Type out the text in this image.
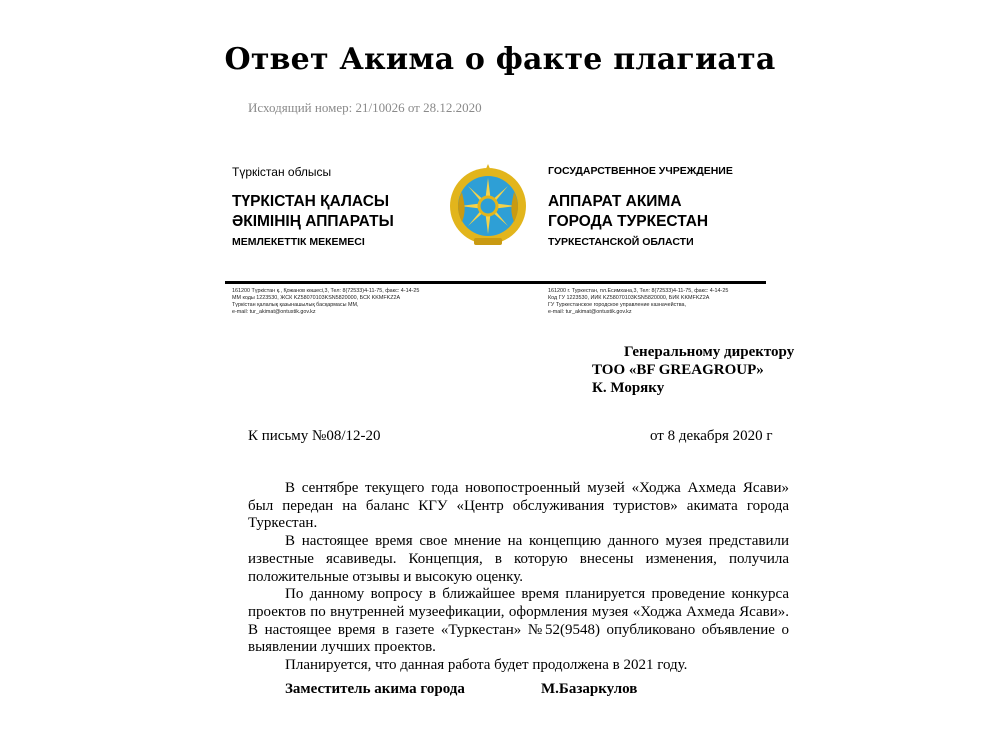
Ответ Акима о факте плагиата
Исходящий номер: 21/10026 от 28.12.2020
Түркістан облысы
ТҮРКІСТАН ҚАЛАСЫ
ӘКІМІНІҢ АППАРАТЫ
МЕМЛЕКЕТТІК МЕКЕМЕСІ
ГОСУДАРСТВЕННОЕ УЧРЕЖДЕНИЕ
АППАРАТ АКИМА
ГОРОДА ТУРКЕСТАН
ТУРКЕСТАНСКОЙ ОБЛАСТИ
161200 Түркістан қ., Қожанов көшесі,3, Тел: 8(72533)4-11-75, факс: 4-14-25
ММ коды 1223530, ЖСК KZ58070103KSN5820000, БСК KKMFKZ2A
Түркістан қалалық қазынашылық басқармасы ММ,
e-mail: tur_akimat@ontustik.gov.kz
161200 г. Туркестан, пл.Есимхана,3, Тел: 8(72533)4-11-75, факс: 4-14-25
Код ГУ 1223530, ИИК KZ58070103KSN5820000, БИК KKMFKZ2A
ГУ Туркестанское городское управление казначейства,
e-mail: tur_akimat@ontustik.gov.kz
Генеральному директору
ТОО «BF GREAGROUP»
К. Моряку
К письму №08/12-20	от 8 декабря 2020 г

В сентябре текущего года новопостроенный музей «Ходжа Ахмеда Ясави» был передан на баланс КГУ «Центр обслуживания туристов» акимата города Туркестан.

В настоящее время свое мнение на концепцию данного музея представили известные ясавиведы. Концепция, в которую внесены изменения, получила положительные отзывы и высокую оценку.

По данному вопросу в ближайшее время планируется проведение конкурса проектов по внутренней музеефикации, оформления музея «Ходжа Ахмеда Ясави». В настоящее время в газете «Туркестан» №52(9548) опубликовано объявление о выявлении лучших проектов.

Планируется, что данная работа будет продолжена в 2021 году.

Заместитель акима города	М.Базаркулов
